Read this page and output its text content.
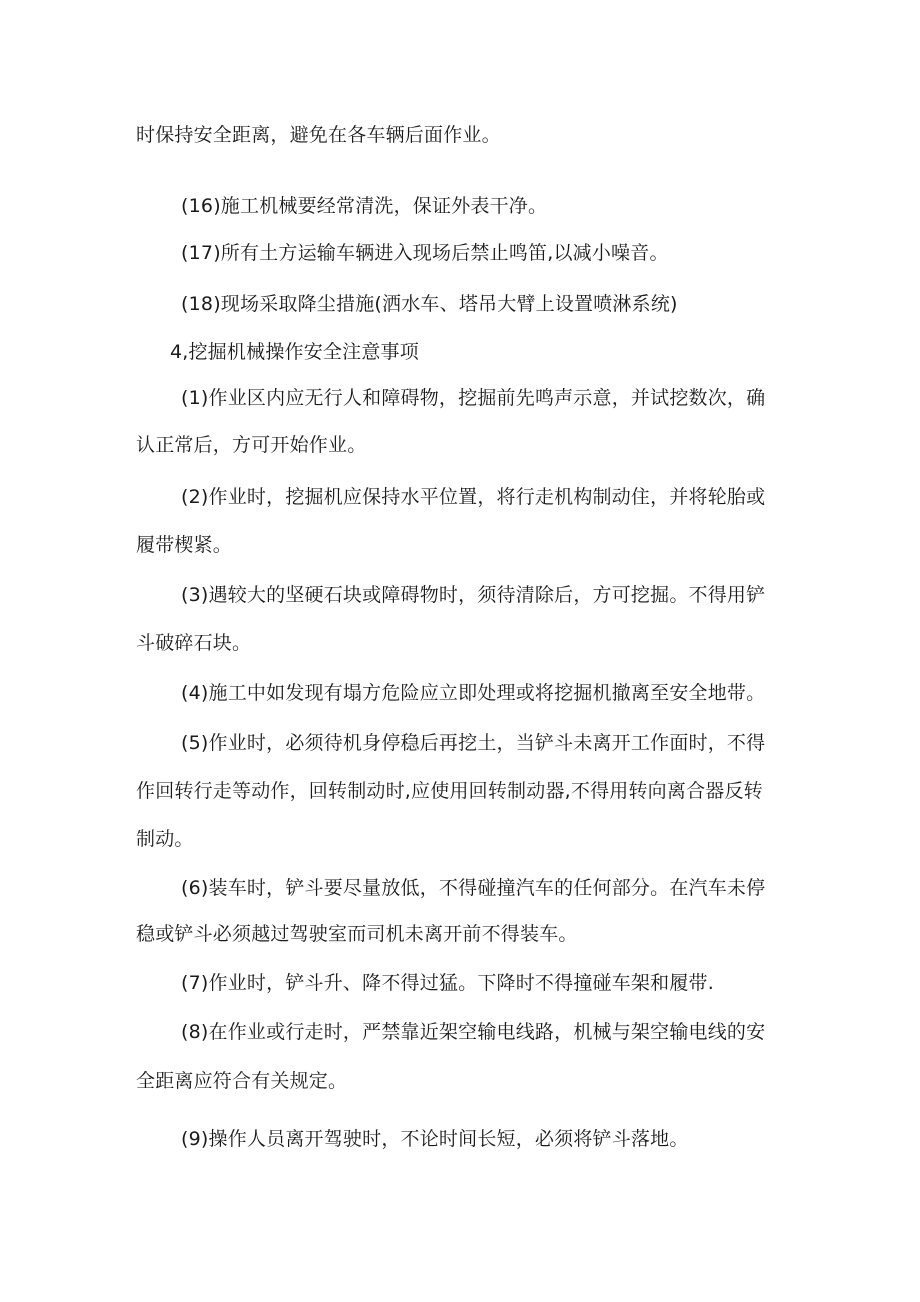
时保持安全距离，避免在各车辆后面作业。
(16)施工机械要经常清洗，保证外表干净。
(17)所有土方运输车辆进入现场后禁止鸣笛,以减小噪音。
(18)现场采取降尘措施(洒水车、塔吊大臂上设置喷淋系统)
4,挖掘机械操作安全注意事项
(1)作业区内应无行人和障碍物，挖掘前先鸣声示意，并试挖数次，确
认正常后，方可开始作业。
(2)作业时，挖掘机应保持水平位置，将行走机构制动住，并将轮胎或
履带楔紧。
(3)遇较大的坚硬石块或障碍物时，须待清除后，方可挖掘。不得用铲
斗破碎石块。
(4)施工中如发现有塌方危险应立即处理或将挖掘机撤离至安全地带。
(5)作业时，必须待机身停稳后再挖土，当铲斗未离开工作面时，不得
作回转行走等动作，回转制动时,应使用回转制动器,不得用转向离合器反转
制动。
(6)装车时，铲斗要尽量放低，不得碰撞汽车的任何部分。在汽车未停
稳或铲斗必须越过驾驶室而司机未离开前不得装车。
(7)作业时，铲斗升、降不得过猛。下降时不得撞碰车架和履带.
(8)在作业或行走时，严禁靠近架空输电线路，机械与架空输电线的安
全距离应符合有关规定。
(9)操作人员离开驾驶时，不论时间长短，必须将铲斗落地。
